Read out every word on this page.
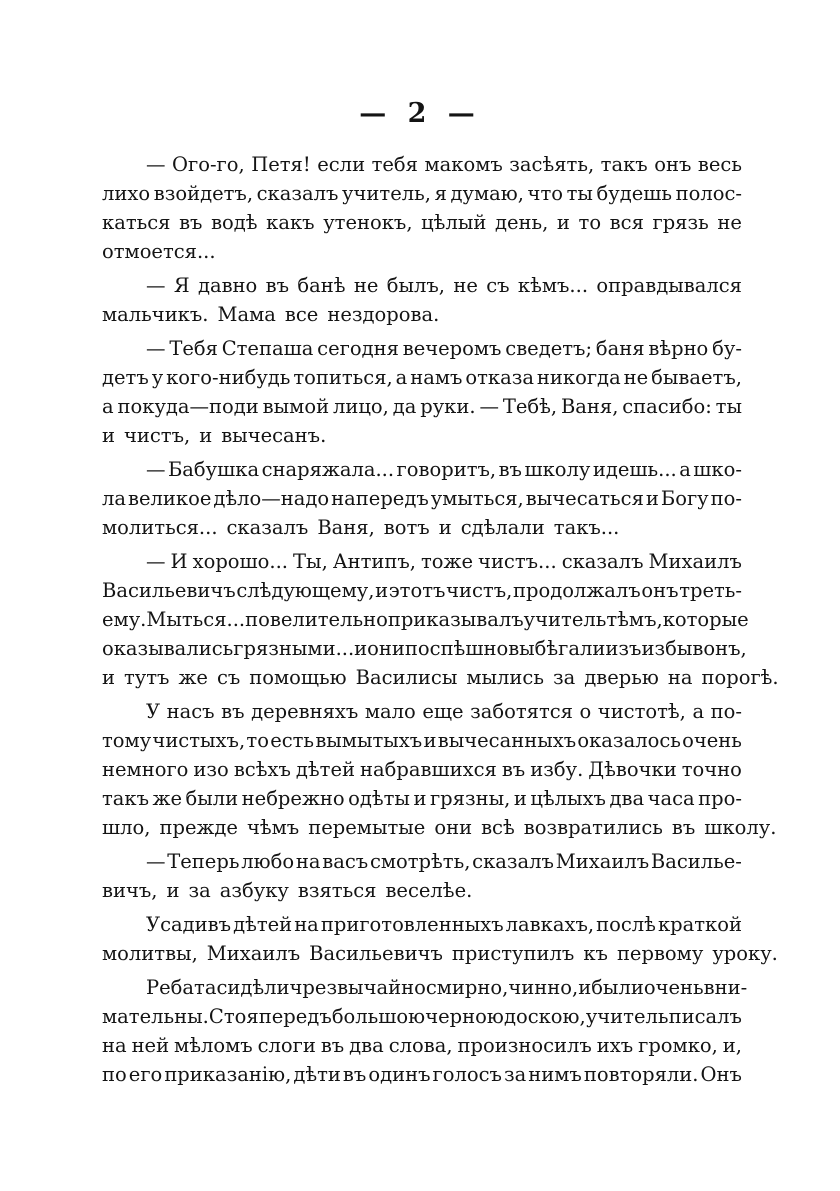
— 2 —
— Ого-го, Петя! если тебя макомъ засѣять, такъ онъ весь
лихо взойдетъ, сказалъ учитель, я думаю, что ты будешь полос-
каться въ водѣ какъ утенокъ, цѣлый день, и то вся грязь не
отмоется...
— Я давно въ банѣ не былъ, не съ кѣмъ... оправдывался
мальчикъ. Мама все нездорова.
— Тебя Степаша сегодня вечеромъ сведетъ; баня вѣрно бу-
детъ у кого-нибудь топиться, а намъ отказа никогда не бываетъ,
а покуда—поди вымой лицо, да руки. — Тебѣ, Ваня, спасибо: ты
и чистъ, и вычесанъ.
— Бабушка снаряжала... говоритъ, въ школу идешь... а шко-
ла великое дѣло—надо напередъ умыться, вычесаться и Богу по-
молиться... сказалъ Ваня, вотъ и сдѣлали такъ...
— И хорошо... Ты, Антипъ, тоже чистъ... сказалъ Михаилъ
Васильевичъ слѣдующему, и этотъ чистъ, продолжалъ онъ треть-
ему. Мыться... повелительно приказывалъ учитель тѣмъ, которые
оказывались грязными... и они поспѣшно выбѣгали изъ избы вонъ,
и тутъ же съ помощью Василисы мылись за дверью на порогѣ.
У насъ въ деревняхъ мало еще заботятся о чистотѣ, а по-
тому чистыхъ, то есть вымытыхъ и вычесанныхъ оказалось очень
немного изо всѣхъ дѣтей набравшихся въ избу. Дѣвочки точно
такъ же были небрежно одѣты и грязны, и цѣлыхъ два часа про-
шло, прежде чѣмъ перемытые они всѣ возвратились въ школу.
— Теперь любо на васъ смотрѣть, сказалъ Михаилъ Василье-
вичъ, и за азбуку взяться веселѣе.
Усадивъ дѣтей на приготовленныхъ лавкахъ, послѣ краткой
молитвы, Михаилъ Васильевичъ приступилъ къ первому уроку.
Ребата сидѣли чрезвычайно смирно, чинно, и были очень вни-
мательны. Стоя передъ большою черною доскою, учитель писалъ
на ней мѣломъ слоги въ два слова, произносилъ ихъ громко, и,
по его приказанію, дѣти въ одинъ голосъ за нимъ повторяли. Онъ
